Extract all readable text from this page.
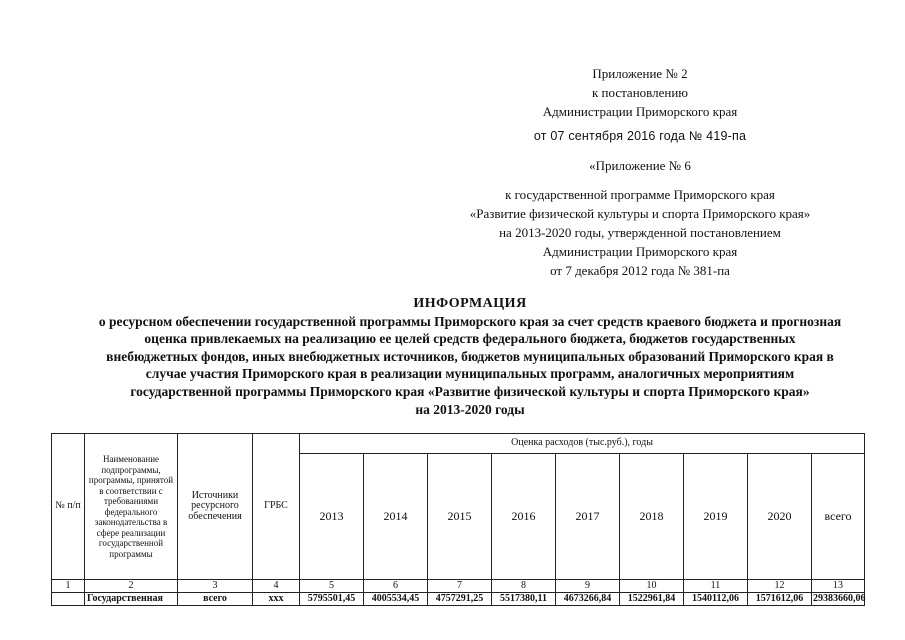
Приложение № 2
к постановлению
Администрации Приморского края
от 07 сентября 2016 года № 419-па
«Приложение № 6
к государственной программе Приморского края
«Развитие физической культуры и спорта Приморского края»
на 2013-2020 годы, утвержденной постановлением
Администрации Приморского края
от 7 декабря 2012 года № 381-па
ИНФОРМАЦИЯ
о ресурсном обеспечении государственной программы Приморского края за счет средств краевого бюджета и прогнозная
оценка привлекаемых на реализацию ее целей средств федерального бюджета, бюджетов государственных
внебюджетных фондов, иных внебюджетных источников, бюджетов муниципальных образований Приморского края в
случае участия Приморского края в реализации муниципальных программ, аналогичных мероприятиям
государственной программы Приморского края «Развитие физической культуры и спорта Приморского края»
на 2013-2020 годы
№ п/п	Наименование подпрограммы, программы, принятой в соответствии с требованиями федерального законодательства в сфере реализации государственной программы	Источники ресурсного обеспечения	ГРБС	Оценка расходов (тыс.руб.), годы								
				2013	2014	2015	2016	2017	2018	2019	2020	всего
1	2	3	4	5	6	7	8	9	10	11	12	13
	Государственная	всего	xxx	5795501,45	4005534,45	4757291,25	5517380,11	4673266,84	1522961,84	1540112,06	1571612,06	29383660,06
